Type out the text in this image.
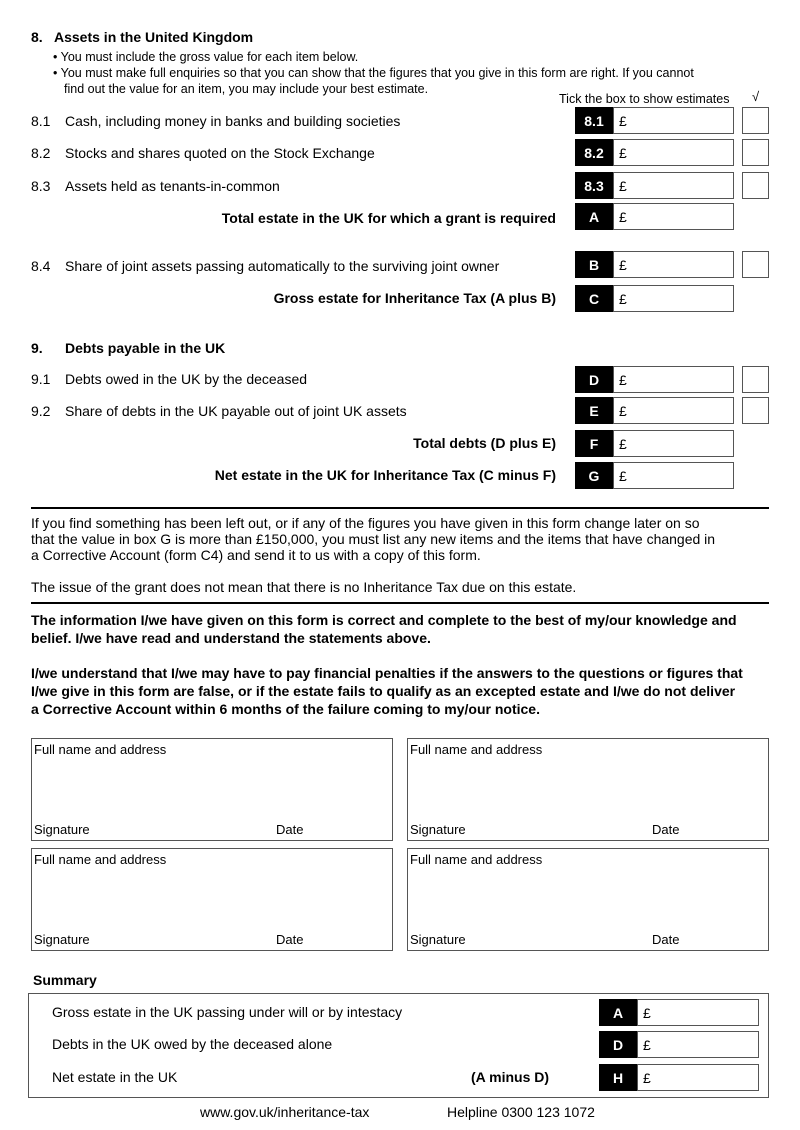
8. Assets in the United Kingdom
• You must include the gross value for each item below.
• You must make full enquiries so that you can show that the figures that you give in this form are right. If you cannot
find out the value for an item, you may include your best estimate.
Tick the box to show estimates √
8.1 Cash, including money in banks and building societies	8.1	£
8.2 Stocks and shares quoted on the Stock Exchange	8.2	£
8.3 Assets held as tenants-in-common	8.3	£
Total estate in the UK for which a grant is required	A	£
8.4 Share of joint assets passing automatically to the surviving joint owner	B	£
Gross estate for Inheritance Tax (A plus B)	C	£
9. Debts payable in the UK
9.1 Debts owed in the UK by the deceased	D	£
9.2 Share of debts in the UK payable out of joint UK assets	E	£
Total debts (D plus E)	F	£
Net estate in the UK for Inheritance Tax (C minus F)	G	£
If you find something has been left out, or if any of the figures you have given in this form change later on so
that the value in box G is more than £150,000, you must list any new items and the items that have changed in
a Corrective Account (form C4) and send it to us with a copy of this form.
The issue of the grant does not mean that there is no Inheritance Tax due on this estate.
The information I/we have given on this form is correct and complete to the best of my/our knowledge and
belief. I/we have read and understand the statements above.
I/we understand that I/we may have to pay financial penalties if the answers to the questions or figures that
I/we give in this form are false, or if the estate fails to qualify as an excepted estate and I/we do not deliver
a Corrective Account within 6 months of the failure coming to my/our notice.
Full name and address
Signature	Date
Full name and address
Signature	Date
Full name and address
Signature	Date
Full name and address
Signature	Date
Summary
Gross estate in the UK passing under will or by intestacy	A	£
Debts in the UK owed by the deceased alone	D	£
Net estate in the UK	(A minus D)	H	£
www.gov.uk/inheritance-tax	Helpline 0300 123 1072
